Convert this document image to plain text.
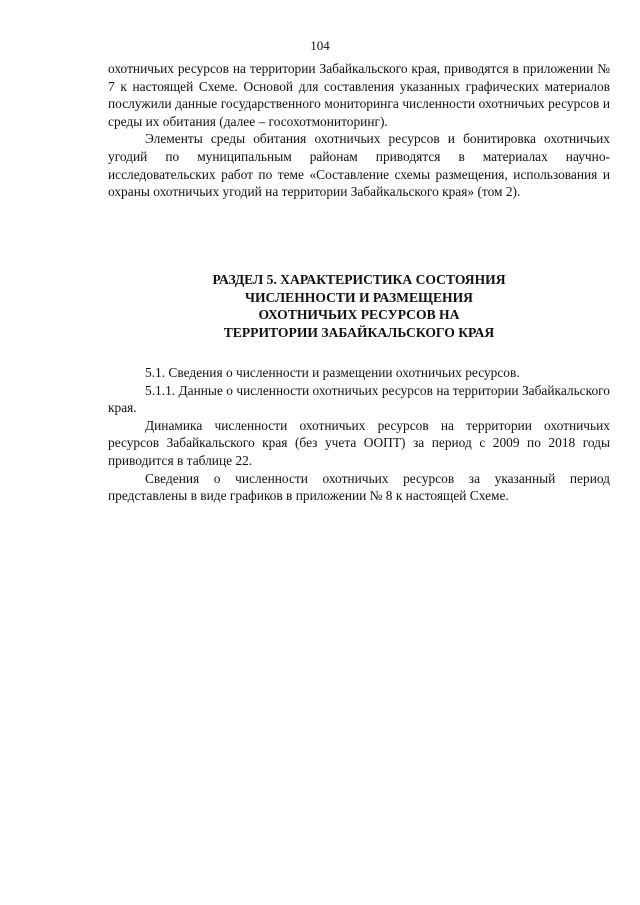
104

охотничьих ресурсов на территории Забайкальского края, приводятся в приложении № 7 к настоящей Схеме. Основой для составления указанных графических материалов послужили данные государственного мониторинга численности охотничьих ресурсов и среды их обитания (далее – госохотмониторинг).

Элементы среды обитания охотничьих ресурсов и бонитировка охотничьих угодий по муниципальным районам приводятся в материалах научно-исследовательских работ по теме «Составление схемы размещения, использования и охраны охотничьих угодий на территории Забайкальского края» (том 2).

РАЗДЕЛ 5. ХАРАКТЕРИСТИКА СОСТОЯНИЯ
ЧИСЛЕННОСТИ И РАЗМЕЩЕНИЯ
ОХОТНИЧЬИХ РЕСУРСОВ НА
ТЕРРИТОРИИ ЗАБАЙКАЛЬСКОГО КРАЯ

5.1. Сведения о численности и размещении охотничьих ресурсов.

5.1.1. Данные о численности охотничьих ресурсов на территории Забайкальского края.

Динамика численности охотничьих ресурсов на территории охотничьих ресурсов Забайкальского края (без учета ООПТ) за период с 2009 по 2018 годы приводится в таблице 22.

Сведения о численности охотничьих ресурсов за указанный период представлены в виде графиков в приложении № 8 к настоящей Схеме.
